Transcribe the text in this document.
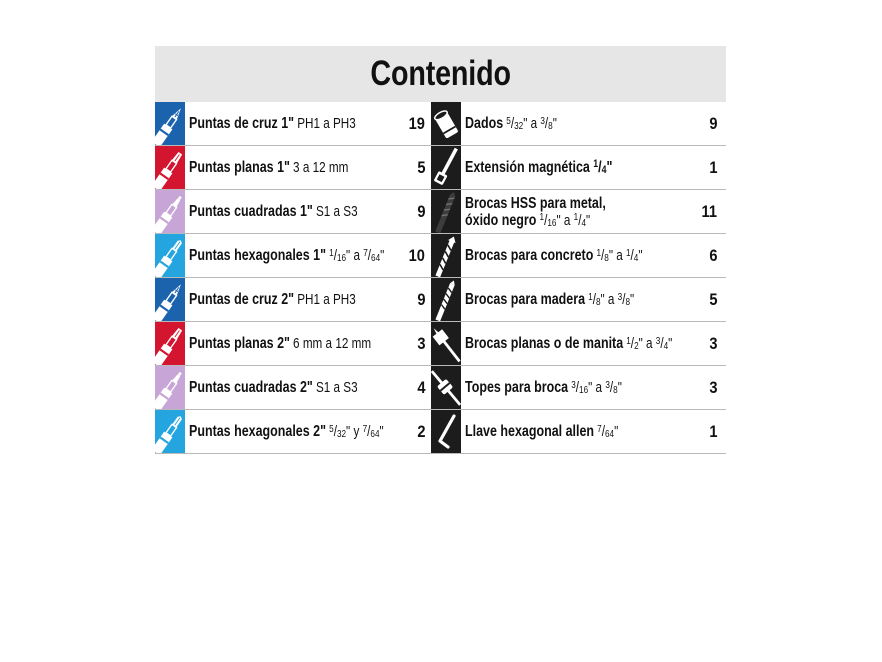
Contenido
Puntas de cruz 1" PH1 a PH3	19	Dados $^5/_{32}$" a $^3/_8$"	9
Puntas planas 1" 3 a 12 mm	5	Extensión magnética $^1/_4$"	1
Puntas cuadradas 1" S1 a S3	9	Brocas HSS para metal,
óxido negro $^1/_{16}$" a $^1/_4$"	11
Puntas hexagonales 1" $^1/_{16}$" a $^7/_{64}$" 10	Brocas para concreto $^1/_8$" a $^1/_4$"	6
Puntas de cruz 2" PH1 a PH3	9	Brocas para madera $^1/_8$" a $^3/_8$"	5
Puntas planas 2" 6 mm a 12 mm	3	Brocas planas o de manita $^1/_2$" a $^3/_4$" 3
Puntas cuadradas 2" S1 a S3	4	Topes para broca $^3/_{16}$" a $^3/_8$"	3
Puntas hexagonales 2" $^5/_{32}$" y $^7/_{64}$" 2	Llave hexagonal allen $^7/_{64}$"	1
